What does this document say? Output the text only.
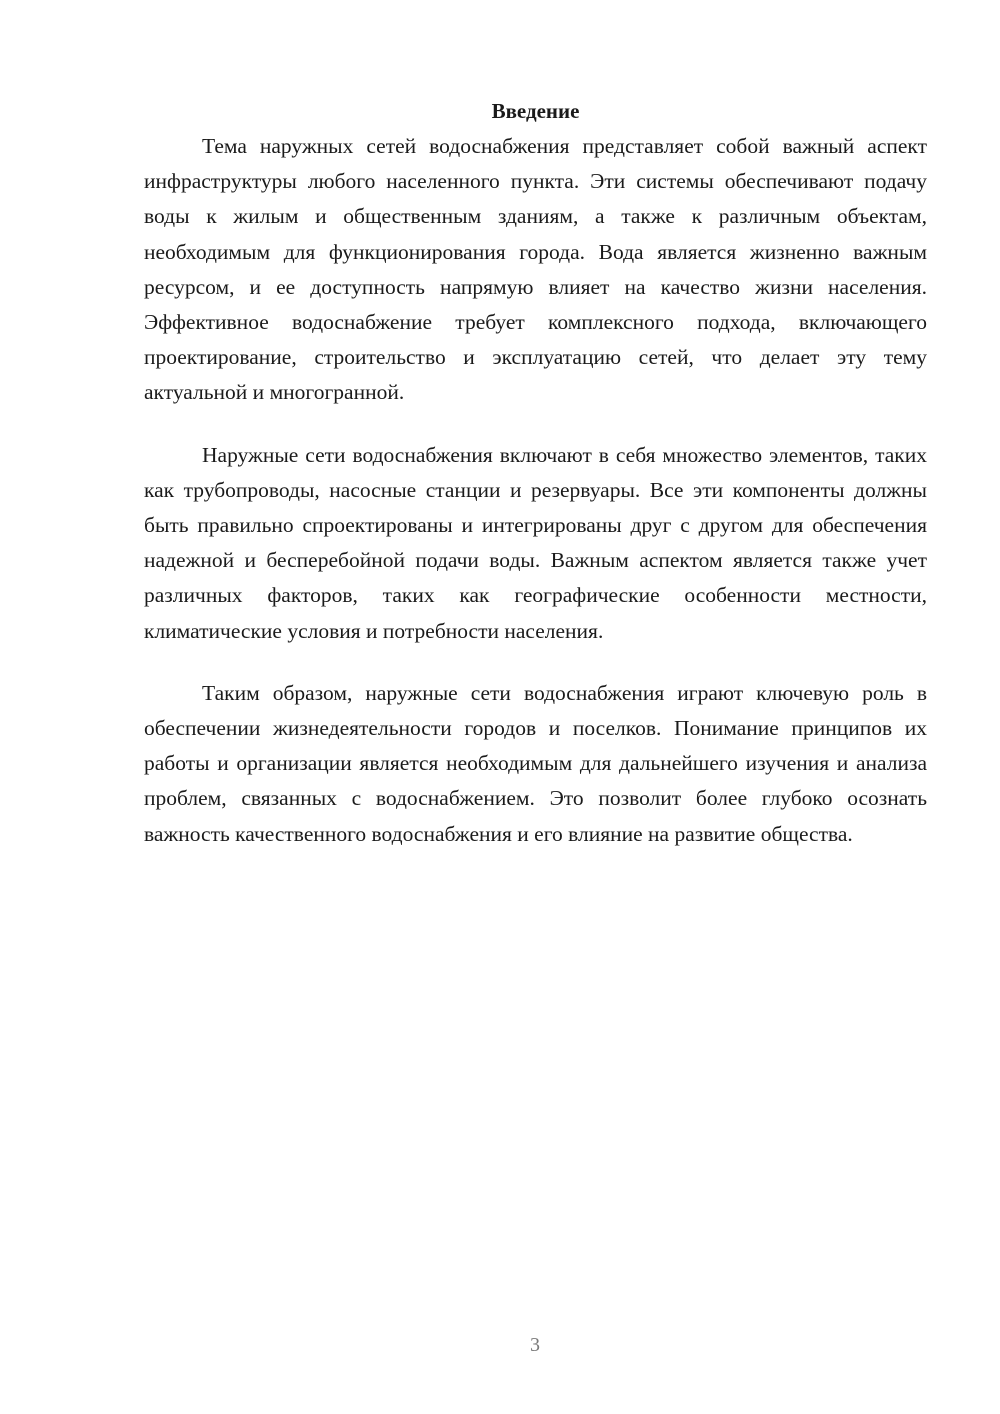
Введение

Тема наружных сетей водоснабжения представляет собой важный аспект инфраструктуры любого населенного пункта. Эти системы обеспечивают подачу воды к жилым и общественным зданиям, а также к различным объектам, необходимым для функционирования города. Вода является жизненно важным ресурсом, и ее доступность напрямую влияет на качество жизни населения. Эффективное водоснабжение требует комплексного подхода, включающего проектирование, строительство и эксплуатацию сетей, что делает эту тему актуальной и многогранной.

Наружные сети водоснабжения включают в себя множество элементов, таких как трубопроводы, насосные станции и резервуары. Все эти компоненты должны быть правильно спроектированы и интегрированы друг с другом для обеспечения надежной и бесперебойной подачи воды. Важным аспектом является также учет различных факторов, таких как географические особенности местности, климатические условия и потребности населения.

Таким образом, наружные сети водоснабжения играют ключевую роль в обеспечении жизнедеятельности городов и поселков. Понимание принципов их работы и организации является необходимым для дальнейшего изучения и анализа проблем, связанных с водоснабжением. Это позволит более глубоко осознать важность качественного водоснабжения и его влияние на развитие общества.

3
